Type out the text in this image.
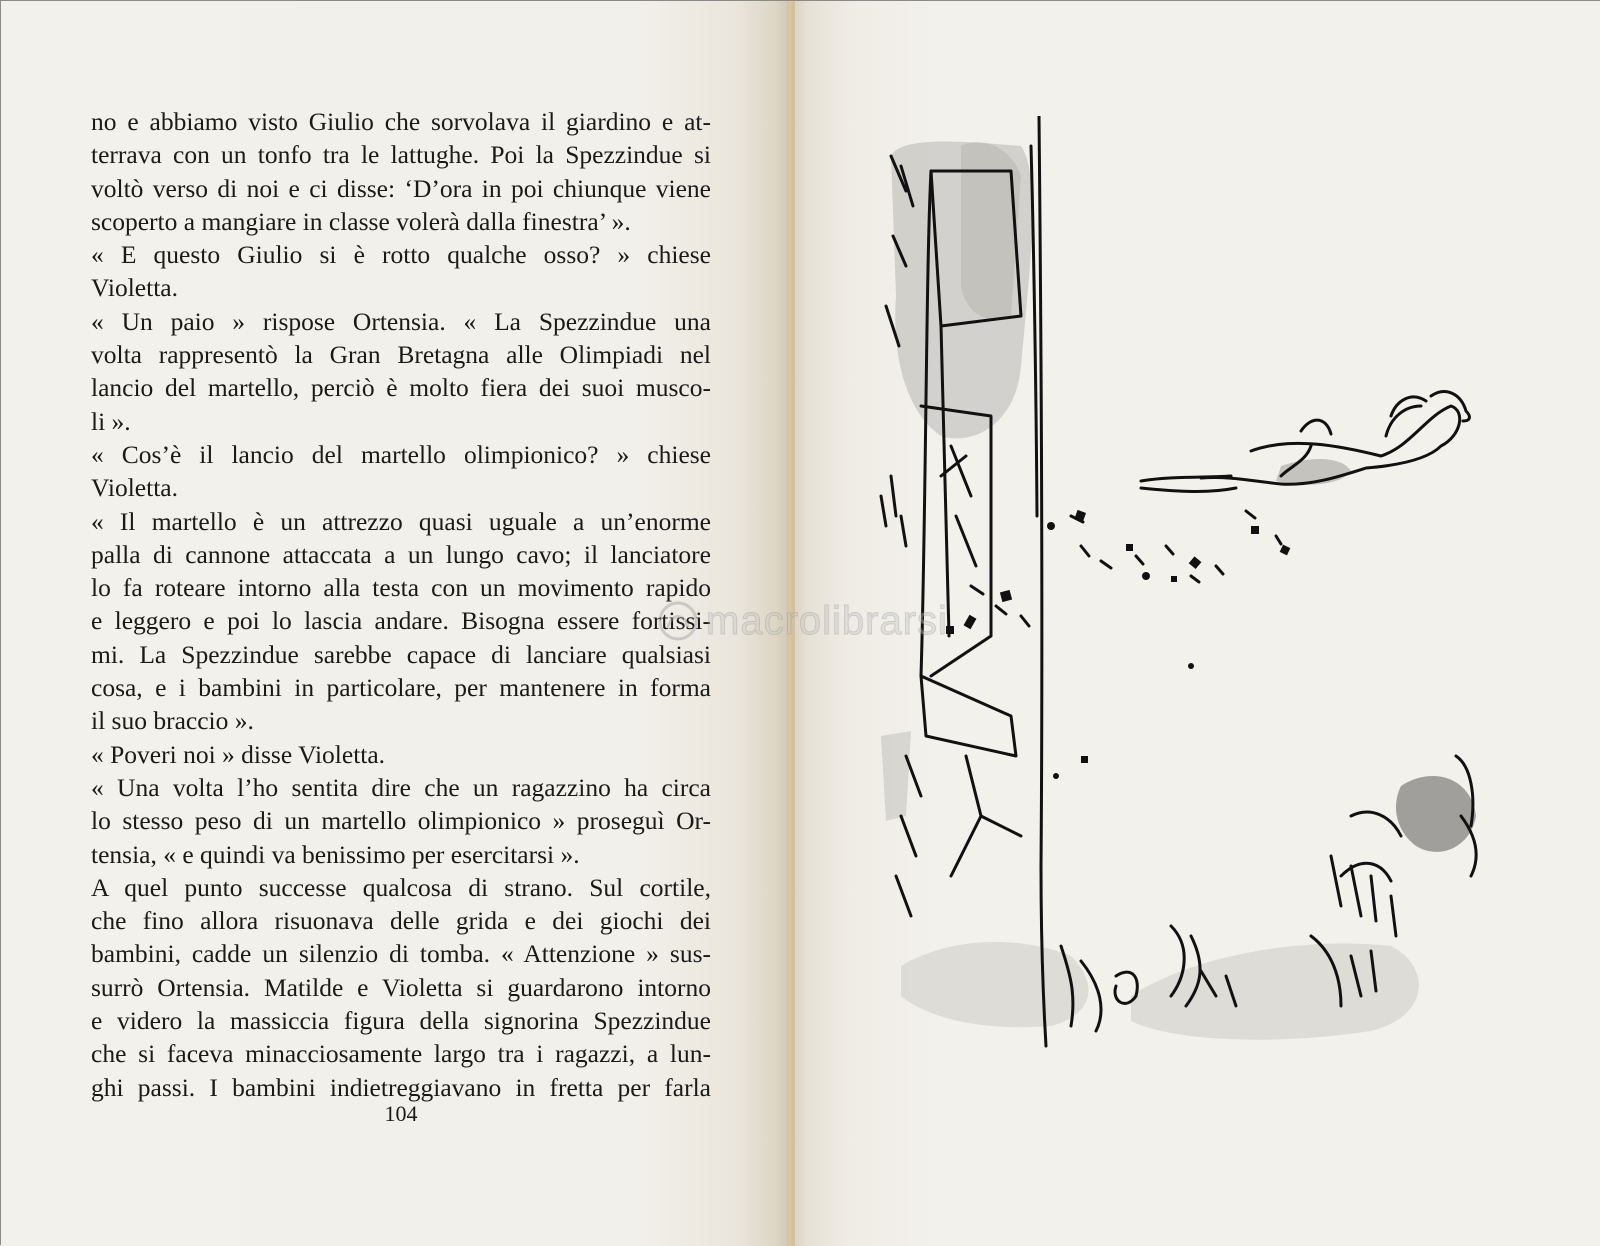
no e abbiamo visto Giulio che sorvolava il giardino e at-
terrava con un tonfo tra le lattughe. Poi la Spezzindue si
voltò verso di noi e ci disse: ‘D’ora in poi chiunque viene
scoperto a mangiare in classe volerà dalla finestra’ ».
« E questo Giulio si è rotto qualche osso? » chiese
Violetta.
« Un paio » rispose Ortensia. « La Spezzindue una
volta rappresentò la Gran Bretagna alle Olimpiadi nel
lancio del martello, perciò è molto fiera dei suoi musco-
li ».
« Cos’è il lancio del martello olimpionico? » chiese
Violetta.
« Il martello è un attrezzo quasi uguale a un’enorme
palla di cannone attaccata a un lungo cavo; il lanciatore
lo fa roteare intorno alla testa con un movimento rapido
e leggero e poi lo lascia andare. Bisogna essere fortissi-
mi. La Spezzindue sarebbe capace di lanciare qualsiasi
cosa, e i bambini in particolare, per mantenere in forma
il suo braccio ».
« Poveri noi » disse Violetta.
« Una volta l’ho sentita dire che un ragazzino ha circa
lo stesso peso di un martello olimpionico » proseguì Or-
tensia, « e quindi va benissimo per esercitarsi ».
A quel punto successe qualcosa di strano. Sul cortile,
che fino allora risuonava delle grida e dei giochi dei
bambini, cadde un silenzio di tomba. « Attenzione » sus-
surrò Ortensia. Matilde e Violetta si guardarono intorno
e videro la massiccia figura della signorina Spezzindue
che si faceva minacciosamente largo tra i ragazzi, a lun-
ghi passi. I bambini indietreggiavano in fretta per farla
104
macrolibrarsi
